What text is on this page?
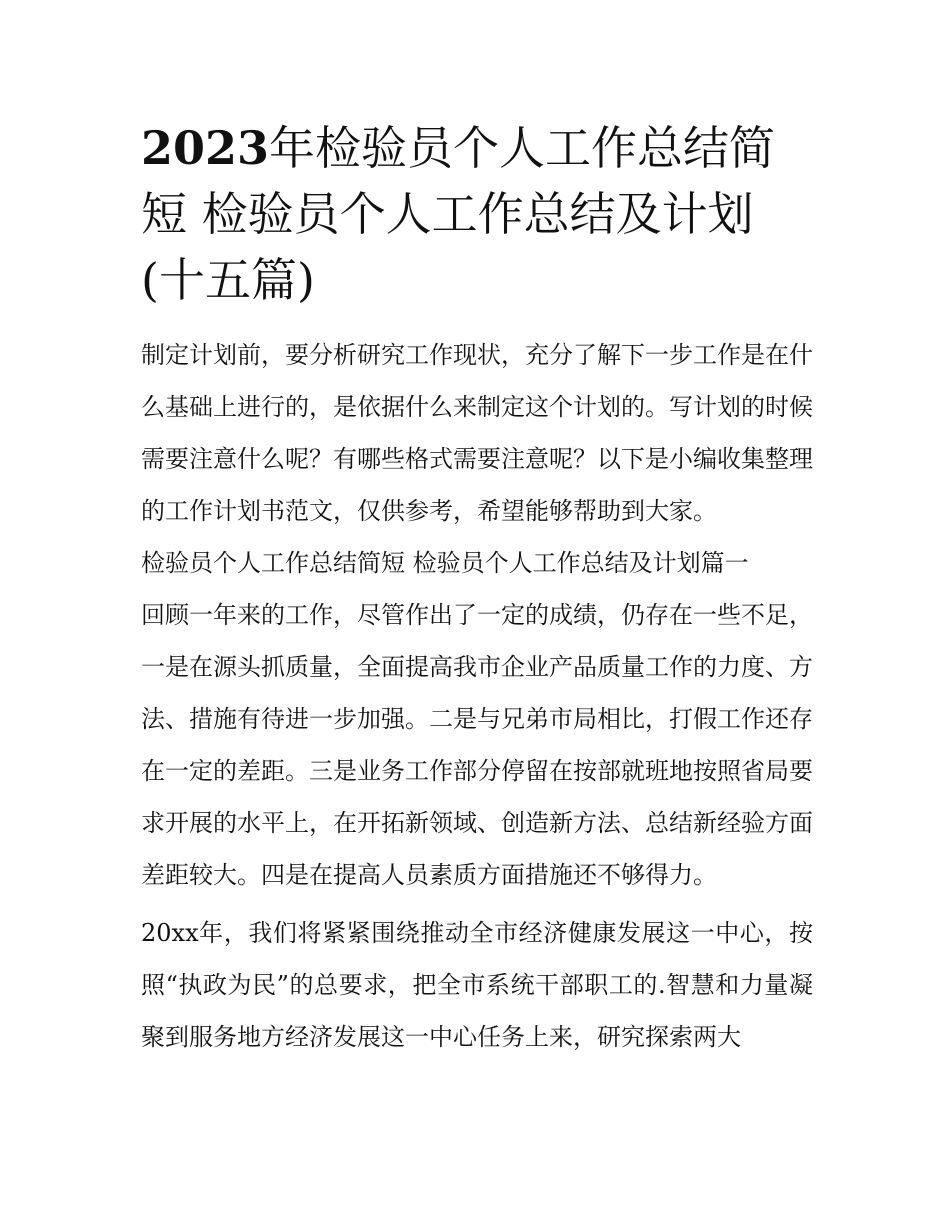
2023年检验员个人工作总结简短 检验员个人工作总结及计划(十五篇)

制定计划前，要分析研究工作现状，充分了解下一步工作是在什么基础上进行的，是依据什么来制定这个计划的。写计划的时候需要注意什么呢？有哪些格式需要注意呢？以下是小编收集整理的工作计划书范文，仅供参考，希望能够帮助到大家。

检验员个人工作总结简短 检验员个人工作总结及计划篇一

回顾一年来的工作，尽管作出了一定的成绩，仍存在一些不足，一是在源头抓质量，全面提高我市企业产品质量工作的力度、方法、措施有待进一步加强。二是与兄弟市局相比，打假工作还存在一定的差距。三是业务工作部分停留在按部就班地按照省局要求开展的水平上，在开拓新领域、创造新方法、总结新经验方面差距较大。四是在提高人员素质方面措施还不够得力。

20xx年，我们将紧紧围绕推动全市经济健康发展这一中心，按照“执政为民”的总要求，把全市系统干部职工的.智慧和力量凝聚到服务地方经济发展这一中心任务上来，研究探索两大
